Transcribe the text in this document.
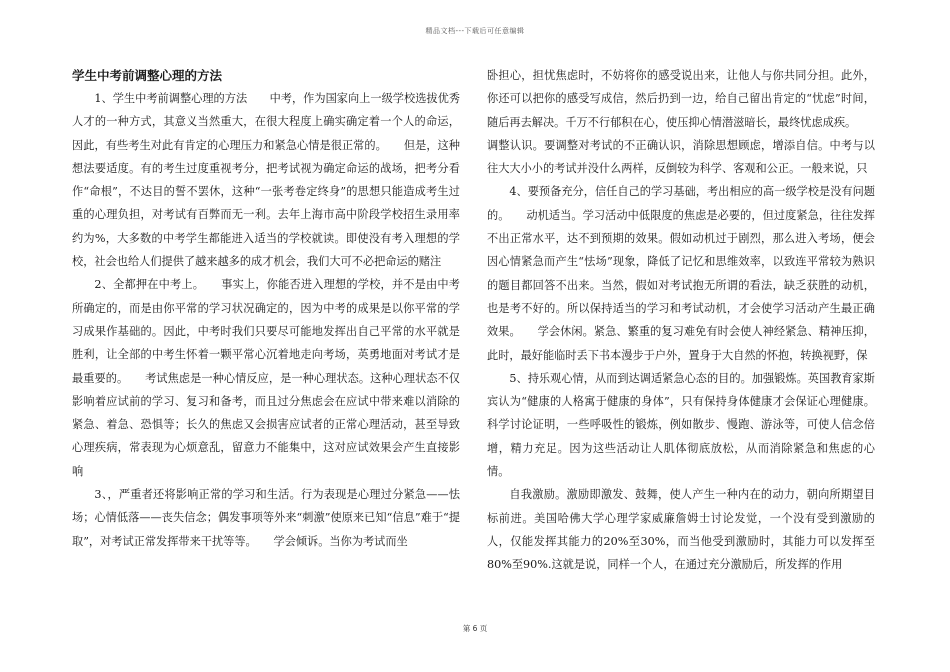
精品文档---下载后可任意编辑
学生中考前调整心理的方法

1、学生中考前调整心理的方法　　中考，作为国家向上一级学校选拔优秀人才的一种方式，其意义当然重大，在很大程度上确实确定着一个人的命运，因此，有些考生对此有肯定的心理压力和紧急心情是很正常的。　　但是，这种想法要适度。有的考生过度重视考分，把考试视为确定命运的战场，把考分看作“命根”，不达目的誓不罢休，这种“一张考卷定终身”的思想只能造成考生过重的心理负担，对考试有百弊而无一利。去年上海市高中阶段学校招生录用率约为%，大多数的中考学生都能进入适当的学校就读。即使没有考入理想的学校，社会也给人们提供了越来越多的成才机会，我们大可不必把命运的赌注

2、全都押在中考上。　　事实上，你能否进入理想的学校，并不是由中考所确定的，而是由你平常的学习状况确定的，因为中考的成果是以你平常的学习成果作基础的。因此，中考时我们只要尽可能地发挥出自己平常的水平就是胜利，让全部的中考生怀着一颗平常心沉着地走向考场，英勇地面对考试才是最重要的。　　考试焦虑是一种心情反应，是一种心理状态。这种心理状态不仅影响着应试前的学习、复习和备考，而且过分焦虑会在应试中带来难以消除的紧急、着急、恐惧等；长久的焦虑又会损害应试者的正常心理活动，甚至导致心理疾病，常表现为心烦意乱，留意力不能集中，这对应试效果会产生直接影响

3、，严重者还将影响正常的学习和生活。行为表现是心理过分紧急——怯场；心情低落——丧失信念；偶发事项等外来“刺激”使原来已知“信息”难于“提取”，对考试正常发挥带来干扰等等。　　学会倾诉。当你为考试而坐

卧担心，担忧焦虑时，不妨将你的感受说出来，让他人与你共同分担。此外，你还可以把你的感受写成信，然后扔到一边，给自己留出肯定的“忧虑”时间，随后再去解决。千万不行郁积在心，使压抑心情潜滋暗长，最终忧虑成疾。

调整认识。要调整对考试的不正确认识，消除思想顾虑，增添自信。中考与以往大大小小的考试并没什么两样，反倒较为科学、客观和公正。一般来说，只

4、要预备充分，信任自己的学习基础，考出相应的高一级学校是没有问题的。　　动机适当。学习活动中低限度的焦虑是必要的，但过度紧急，往往发挥不出正常水平，达不到预期的效果。假如动机过于剧烈，那么进入考场，便会因心情紧急而产生“怯场”现象，降低了记忆和思维效率，以致连平常较为熟识的题目都回答不出来。当然，假如对考试抱无所谓的看法，缺乏获胜的动机，也是考不好的。所以保持适当的学习和考试动机，才会使学习活动产生最正确效果。　　学会休闲。紧急、繁重的复习难免有时会使人神经紧急、精神压抑，此时，最好能临时丢下书本漫步于户外，置身于大自然的怀抱，转换视野，保

5、持乐观心情，从而到达调适紧急心态的目的。加强锻炼。英国教育家斯宾认为“健康的人格寓于健康的身体”，只有保持身体健康才会保证心理健康。科学讨论证明，一些呼吸性的锻炼，例如散步、慢跑、游泳等，可使人信念倍增，精力充足。因为这些活动让人肌体彻底放松，从而消除紧急和焦虑的心情。

自我激励。激励即激发、鼓舞，使人产生一种内在的动力，朝向所期望目标前进。美国哈佛大学心理学家威廉詹姆士讨论发觉，一个没有受到激励的人，仅能发挥其能力的20%至30%，而当他受到激励时，其能力可以发挥至80%至90%.这就是说，同样一个人，在通过充分激励后，所发挥的作用

第 6 页
